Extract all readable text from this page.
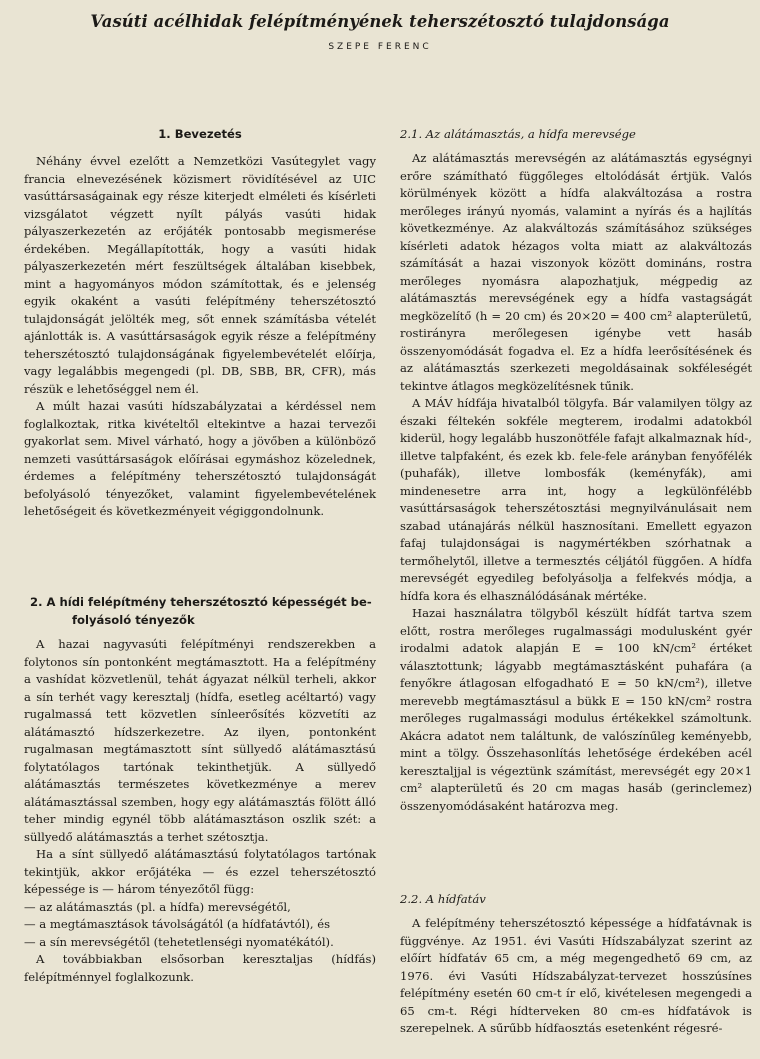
Vasúti acélhidak felépítményének teherszétosztó tulajdonsága
SZEPE FERENC
1. Bevezetés

Néhány évvel ezelőtt a Nemzetközi Vasútegylet vagy francia elnevezésének közismert rövidítésével az UIC vasúttársaságainak egy része kiterjedt elméleti és kísérleti vizsgálatot végzett nyílt pályás vasúti hidak pályaszerkezetén az erőjáték pontosabb megismerése érdekében. Megállapították, hogy a vasúti hidak pályaszerkezetén mért feszültségek általában kisebbek, mint a hagyományos módon számítottak, és e jelenség egyik okaként a vasúti felépítmény teherszétosztó tulajdonságát jelölték meg, sőt ennek számításba vételét ajánlották is. A vasúttársaságok egyik része a felépítmény teherszétosztó tulajdonságának figyelembevételét előírja, vagy legalábbis megengedi (pl. DB, SBB, BR, CFR), más részük e lehetőséggel nem él.

A múlt hazai vasúti hídszabályzatai a kérdéssel nem foglalkoztak, ritka kivételtől eltekintve a hazai tervezői gyakorlat sem. Mivel várható, hogy a jövőben a különböző nemzeti vasúttársaságok előírásai egymáshoz közelednek, érdemes a felépítmény teherszétosztó tulajdonságát befolyásoló tényezőket, valamint figyelembevételének lehetőségeit és következményeit végiggondolnunk.

2. A hídi felépítmény teherszétosztó képességét be-
folyásoló tényezők

A hazai nagyvasúti felépítményi rendszerekben a folytonos sín pontonként megtámasztott. Ha a felépítmény a vashídat közvetlenül, tehát ágyazat nélkül terheli, akkor a sín terhét vagy keresztalj (hídfa, esetleg acéltartó) vagy rugalmassá tett közvetlen sínleerősítés közvetíti az alátámasztó hídszerkezetre. Az ilyen, pontonként rugalmasan megtámasztott sínt süllyedő alátámasztású folytatólagos tartónak tekinthetjük. A süllyedő alátámasztás természetes következménye a merev alátámasztással szemben, hogy egy alátámasztás fölött álló teher mindig egynél több alátámasztáson oszlik szét: a süllyedő alátámasztás a terhet szétosztja.

Ha a sínt süllyedő alátámasztású folytatólagos tartónak tekintjük, akkor erőjátéka — és ezzel teherszétosztó képessége is — három tényezőtől függ:

— az alátámasztás (pl. a hídfa) merevségétől,

— a megtámasztások távolságától (a hídfatávtól), és

— a sín merevségétől (tehetetlenségi nyomatékától).

A továbbiakban elsősorban keresztaljas (hídfás) felépítménnyel foglalkozunk.

2.1. Az alátámasztás, a hídfa merevsége

Az alátámasztás merevségén az alátámasztás egységnyi erőre számítható függőleges eltolódását értjük. Valós körülmények között a hídfa alakváltozása a rostra merőleges irányú nyomás, valamint a nyírás és a hajlítás következménye. Az alakváltozás számításához szükséges kísérleti adatok hézagos volta miatt az alakváltozás számítását a hazai viszonyok között domináns, rostra merőleges nyomásra alapozhatjuk, mégpedig az alátámasztás merevségének egy a hídfa vastagságát megközelítő (h = 20 cm) és 20×20 = 400 cm² alapterületű, rostirányra merőlegesen igénybe vett hasáb összenyomódását fogadva el. Ez a hídfa leerősítésének és az alátámasztás szerkezeti megoldásainak sokféleségét tekintve átlagos megközelítésnek tűnik.

A MÁV hídfája hivatalból tölgyfa. Bár valamilyen tölgy az északi féltekén sokféle megterem, irodalmi adatokból kiderül, hogy legalább huszonötféle fafajt alkalmaznak híd-, illetve talpfaként, és ezek kb. fele-fele arányban fenyőfélék (puhafák), illetve lombosfák (keményfák), ami mindenesetre arra int, hogy a legkülönfélébb vasúttársaságok teherszétosztási megnyilvánulásait nem szabad utánajárás nélkül hasznosítani. Emellett egyazon fafaj tulajdonságai is nagymértékben szórhatnak a termőhelytől, illetve a termesztés céljától függően. A hídfa merevségét egyedileg befolyásolja a felfekvés módja, a hídfa kora és elhasználódásának mértéke.

Hazai használatra tölgyből készült hídfát tartva szem előtt, rostra merőleges rugalmassági modulusként gyér irodalmi adatok alapján E = 100 kN/cm² értéket választottunk; lágyabb megtámasztásként puhafára (a fenyőkre átlagosan elfogadható E = 50 kN/cm²), illetve merevebb megtámasztásul a bükk E = 150 kN/cm² rostra merőleges rugalmassági modulus értékekkel számoltunk. Akácra adatot nem találtunk, de valószínűleg keményebb, mint a tölgy. Összehasonlítás lehetősége érdekében acél keresztaljjal is végeztünk számítást, merevségét egy 20×1 cm² alapterületű és 20 cm magas hasáb (gerinclemez) összenyomódásaként határozva meg.

2.2. A hídfatáv

A felépítmény teherszétosztó képessége a hídfatávnak is függvénye. Az 1951. évi Vasúti Hídszabályzat szerint az előírt hídfatáv 65 cm, a még megengedhető 69 cm, az 1976. évi Vasúti Hídszabályzat-tervezet hosszúsínes felépítmény esetén 60 cm-t ír elő, kivételesen megengedi a 65 cm-t. Régi hídterveken 80 cm-es hídfatávok is szerepelnek. A sűrűbb hídfaosztás esetenként régesré-
